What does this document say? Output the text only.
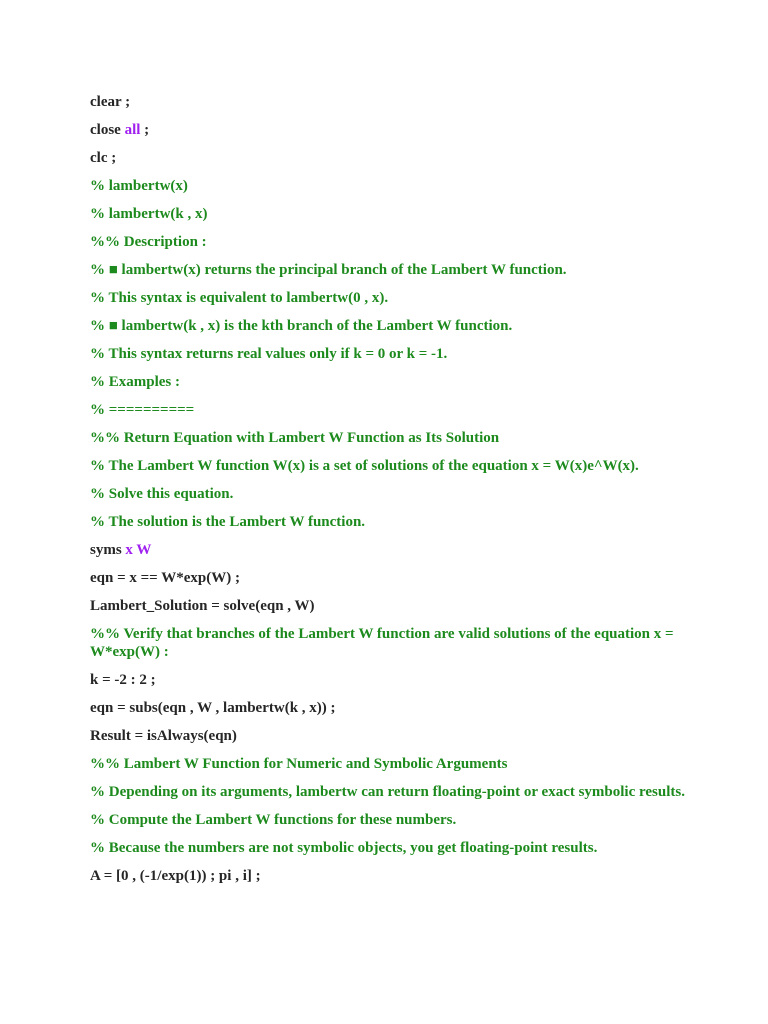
clear ;
close all ;
clc ;
% lambertw(x)
% lambertw(k , x)
%% Description :
% ■ lambertw(x) returns the principal branch of the Lambert W function.
% This syntax is equivalent to lambertw(0 , x).
% ■ lambertw(k , x) is the kth branch of the Lambert W function.
% This syntax returns real values only if k = 0 or k = -1.
% Examples :
% ==========
%% Return Equation with Lambert W Function as Its Solution
% The Lambert W function W(x) is a set of solutions of the equation x = W(x)e^W(x).
% Solve this equation.
% The solution is the Lambert W function.
syms x W
eqn = x == W*exp(W) ;
Lambert_Solution = solve(eqn , W)
%% Verify that branches of the Lambert W function are valid solutions of the equation x = W*exp(W) :
k = -2 : 2 ;
eqn = subs(eqn , W , lambertw(k , x)) ;
Result = isAlways(eqn)
%% Lambert W Function for Numeric and Symbolic Arguments
% Depending on its arguments, lambertw can return floating-point or exact symbolic results.
% Compute the Lambert W functions for these numbers.
% Because the numbers are not symbolic objects, you get floating-point results.
A = [0 , (-1/exp(1)) ; pi , i] ;
